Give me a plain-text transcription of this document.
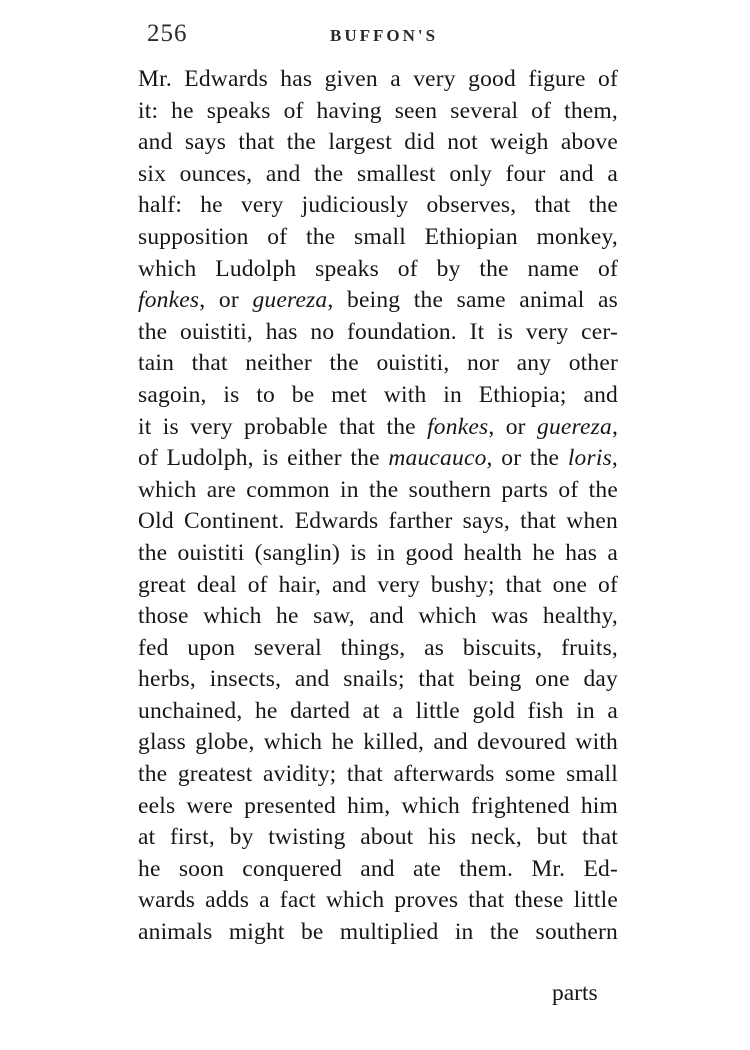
256	BUFFON'S
Mr. Edwards has given a very good figure of
it: he speaks of having seen several of them,
and says that the largest did not weigh above
six ounces, and the smallest only four and a
half: he very judiciously observes, that the
supposition of the small Ethiopian monkey,
which Ludolph speaks of by the name of
fonkes, or guereza, being the same animal as
the ouistiti, has no foundation. It is very cer-
tain that neither the ouistiti, nor any other
sagoin, is to be met with in Ethiopia; and
it is very probable that the fonkes, or guereza,
of Ludolph, is either the maucauco, or the loris,
which are common in the southern parts of the
Old Continent. Edwards farther says, that when
the ouistiti (sanglin) is in good health he has a
great deal of hair, and very bushy; that one of
those which he saw, and which was healthy,
fed upon several things, as biscuits, fruits,
herbs, insects, and snails; that being one day
unchained, he darted at a little gold fish in a
glass globe, which he killed, and devoured with
the greatest avidity; that afterwards some small
eels were presented him, which frightened him
at first, by twisting about his neck, but that
he soon conquered and ate them. Mr. Ed-
wards adds a fact which proves that these little
animals might be multiplied in the southern
parts
